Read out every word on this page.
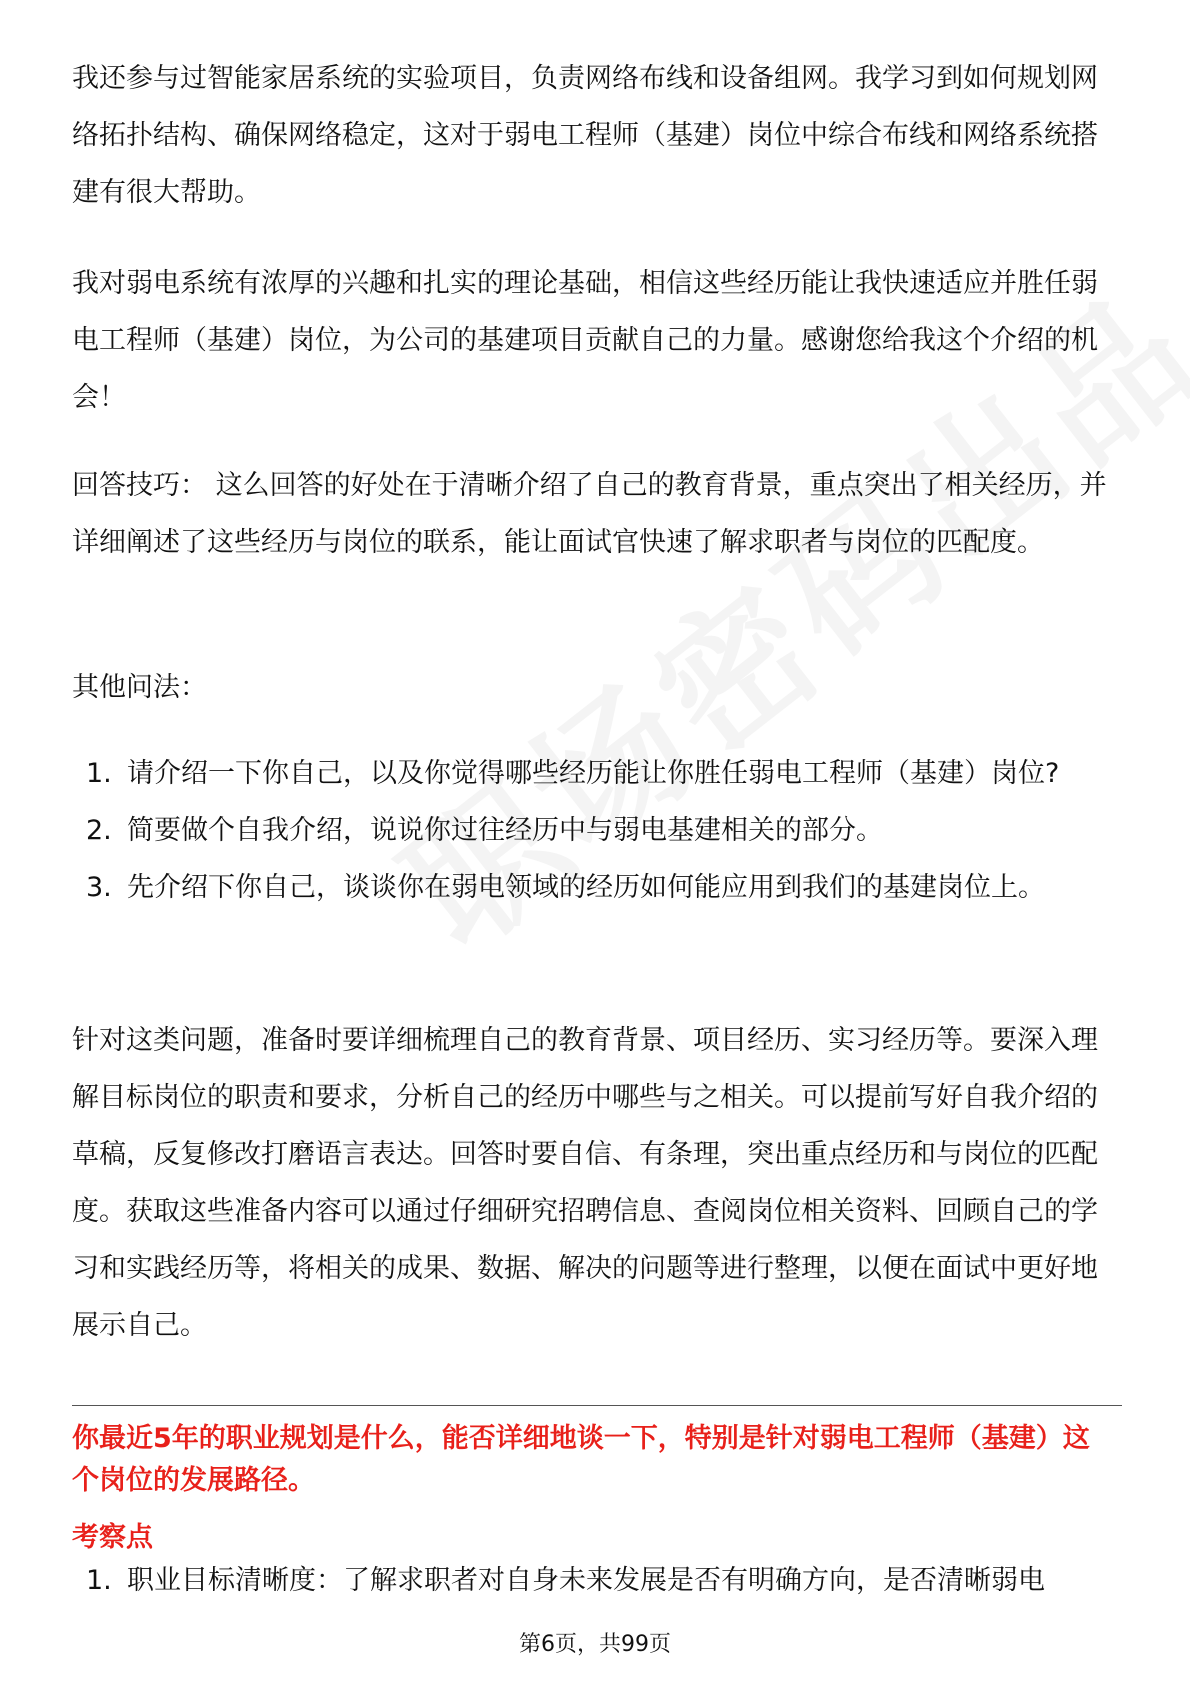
我还参与过智能家居系统的实验项目，负责网络布线和设备组网。我学习到如何规划网络拓扑结构、确保网络稳定，这对于弱电工程师（基建）岗位中综合布线和网络系统搭建有很大帮助。

我对弱电系统有浓厚的兴趣和扎实的理论基础，相信这些经历能让我快速适应并胜任弱电工程师（基建）岗位，为公司的基建项目贡献自己的力量。感谢您给我这个介绍的机会！

回答技巧： 这么回答的好处在于清晰介绍了自己的教育背景，重点突出了相关经历，并详细阐述了这些经历与岗位的联系，能让面试官快速了解求职者与岗位的匹配度。

其他问法：

1. 请介绍一下你自己，以及你觉得哪些经历能让你胜任弱电工程师（基建）岗位?
2. 简要做个自我介绍，说说你过往经历中与弱电基建相关的部分。
3. 先介绍下你自己，谈谈你在弱电领域的经历如何能应用到我们的基建岗位上。

针对这类问题，准备时要详细梳理自己的教育背景、项目经历、实习经历等。要深入理解目标岗位的职责和要求，分析自己的经历中哪些与之相关。可以提前写好自我介绍的草稿，反复修改打磨语言表达。回答时要自信、有条理，突出重点经历和与岗位的匹配度。获取这些准备内容可以通过仔细研究招聘信息、查阅岗位相关资料、回顾自己的学习和实践经历等，将相关的成果、数据、解决的问题等进行整理，以便在面试中更好地展示自己。

你最近5年的职业规划是什么，能否详细地谈一下，特别是针对弱电工程师（基建）这个岗位的发展路径。

考察点

1. 职业目标清晰度：了解求职者对自身未来发展是否有明确方向，是否清晰弱电
第6页，共99页
